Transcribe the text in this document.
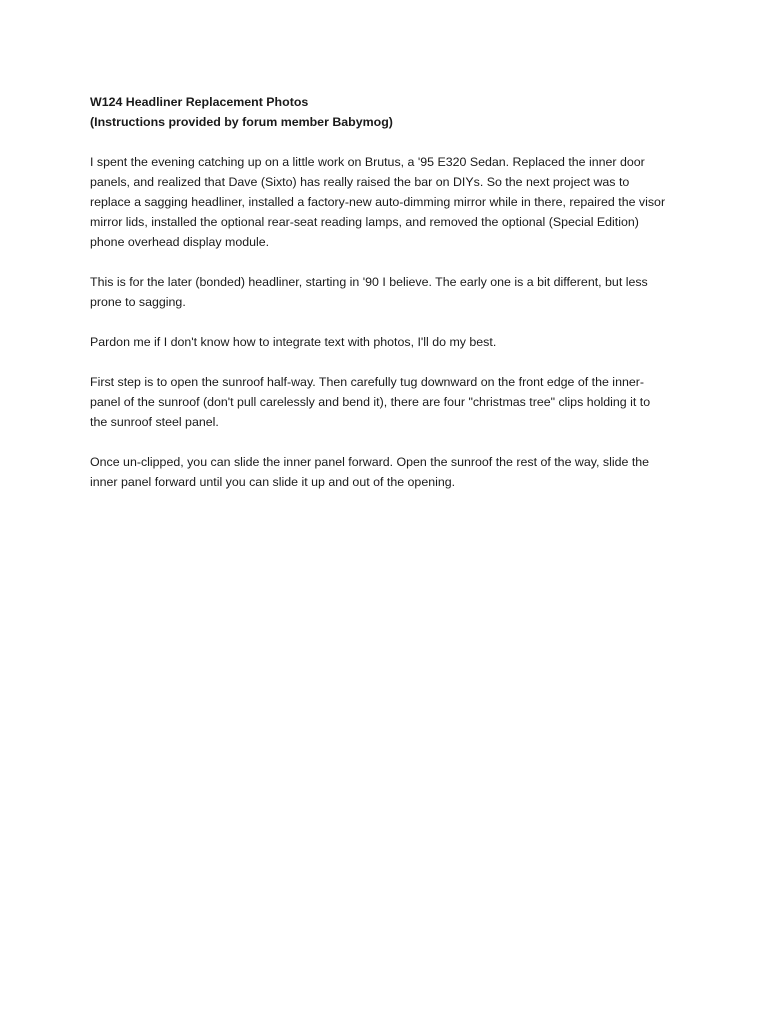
W124 Headliner Replacement Photos
(Instructions provided by forum member Babymog)

I spent the evening catching up on a little work on Brutus, a '95 E320 Sedan. Replaced the inner door panels, and realized that Dave (Sixto) has really raised the bar on DIYs. So the next project was to replace a sagging headliner, installed a factory-new auto-dimming mirror while in there, repaired the visor mirror lids, installed the optional rear-seat reading lamps, and removed the optional (Special Edition) phone overhead display module.

This is for the later (bonded) headliner, starting in '90 I believe. The early one is a bit different, but less prone to sagging.

Pardon me if I don't know how to integrate text with photos, I'll do my best.

First step is to open the sunroof half-way. Then carefully tug downward on the front edge of the inner-panel of the sunroof (don't pull carelessly and bend it), there are four "christmas tree" clips holding it to the sunroof steel panel.

Once un-clipped, you can slide the inner panel forward. Open the sunroof the rest of the way, slide the inner panel forward until you can slide it up and out of the opening.
